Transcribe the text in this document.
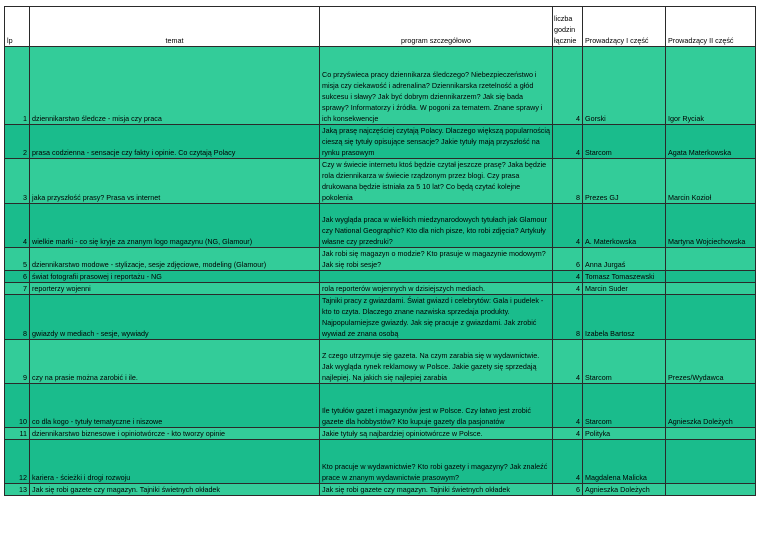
lp	temat	program szczegółowo	liczba godzin łącznie	Prowadzący I część	Prowadzący II część
1	dziennikarstwo śledcze - misja czy praca	Co przyświeca pracy dziennikarza śledczego? Niebezpieczeństwo i misja czy ciekawość i adrenalina? Dziennikarska rzetelność a głód sukcesu i sławy? Jak być dobrym dziennikarzem? Jak się bada sprawy? Informatorzy i źródła. W pogoni za tematem. Znane sprawy i ich konsekwencje	4	Gorski	Igor Ryciak
2	prasa codzienna - sensacje czy fakty i opinie. Co czytają Polacy	Jaką prasę najczęściej czytają Polacy. Dlaczego większą popularnością cieszą się tytuły opisujące sensacje? Jakie tytuły mają przyszłość na rynku prasowym	4	Starcom	Agata Materkowska
3	jaka przyszłość prasy? Prasa vs internet	Czy w świecie internetu ktoś będzie czytał jeszcze prasę? Jaka będzie rola dziennikarza w świecie rządzonym przez blogi. Czy prasa drukowana będzie istniała za 5 10 lat? Co będą czytać kolejne pokolenia	8	Prezes GJ	Marcin Kozioł
4	wielkie marki - co się kryje za znanym logo magazynu (NG, Glamour)	Jak wygląda praca w wielkich miedzynarodowych tytułach jak Glamour czy National Geographic? Kto dla nich pisze, kto robi zdjęcia? Artykuły własne czy przedruki?	4	A. Materkowska	Martyna Wojciechowska
5	dziennikarstwo modowe - stylizacje, sesje zdjęciowe, modeling (Glamour)	Jak robi się magazyn o modzie? Kto prasuje w magazynie modowym? Jak się robi sesje?	6	Anna Jurgaś	
6	świat fotografii prasowej i reportażu - NG		4	Tomasz Tomaszewski	
7	reporterzy wojenni	rola reporterów wojennych w dzisiejszych mediach.	4	Marcin Suder	
8	gwiazdy w mediach - sesje, wywiady	Tajniki pracy z gwiazdami. Świat gwiazd i celebrytów: Gala i pudelek - kto to czyta. Dlaczego znane nazwiska sprzedaja produkty. Najpopularniejsze gwiazdy. Jak się pracuje z gwiazdami. Jak zrobić wywiad ze znana osobą	8	Izabela Bartosz	
9	czy na prasie można zarobić i ile.	Z czego utrzymuje się gazeta. Na czym zarabia się w wydawnictwie. Jak wygląda rynek reklamowy w Polsce. Jakie gazety się sprzedają najlepiej. Na jakich się najlepiej zarabia	4	Starcom	Prezes/Wydawca
10	co dla kogo - tytuły tematyczne i niszowe	Ile tytułów gazet i magazynów jest w Polsce. Czy łatwo jest zrobić gazete dla hobbystów? Kto kupuje gazety dla pasjonatów	4	Starcom	Agnieszka Doleżych
11	dziennikarstwo biznesowe i opiniotwórcze - kto tworzy opinie	Jakie tytuły są najbardziej opiniotwórcze w Polsce.	4	Polityka	
12	kariera - ścieżki i drogi rozwoju	Kto pracuje w wydawnictwie? Kto robi gazety i magazyny? Jak znaleźć prace w znanym wydawnictwie prasowym?	4	Magdalena Malicka	
13	Jak się robi gazete czy magazyn. Tajniki świetnych okładek	Jak się robi gazete czy magazyn. Tajniki świetnych okładek	6	Agnieszka Doleżych	
